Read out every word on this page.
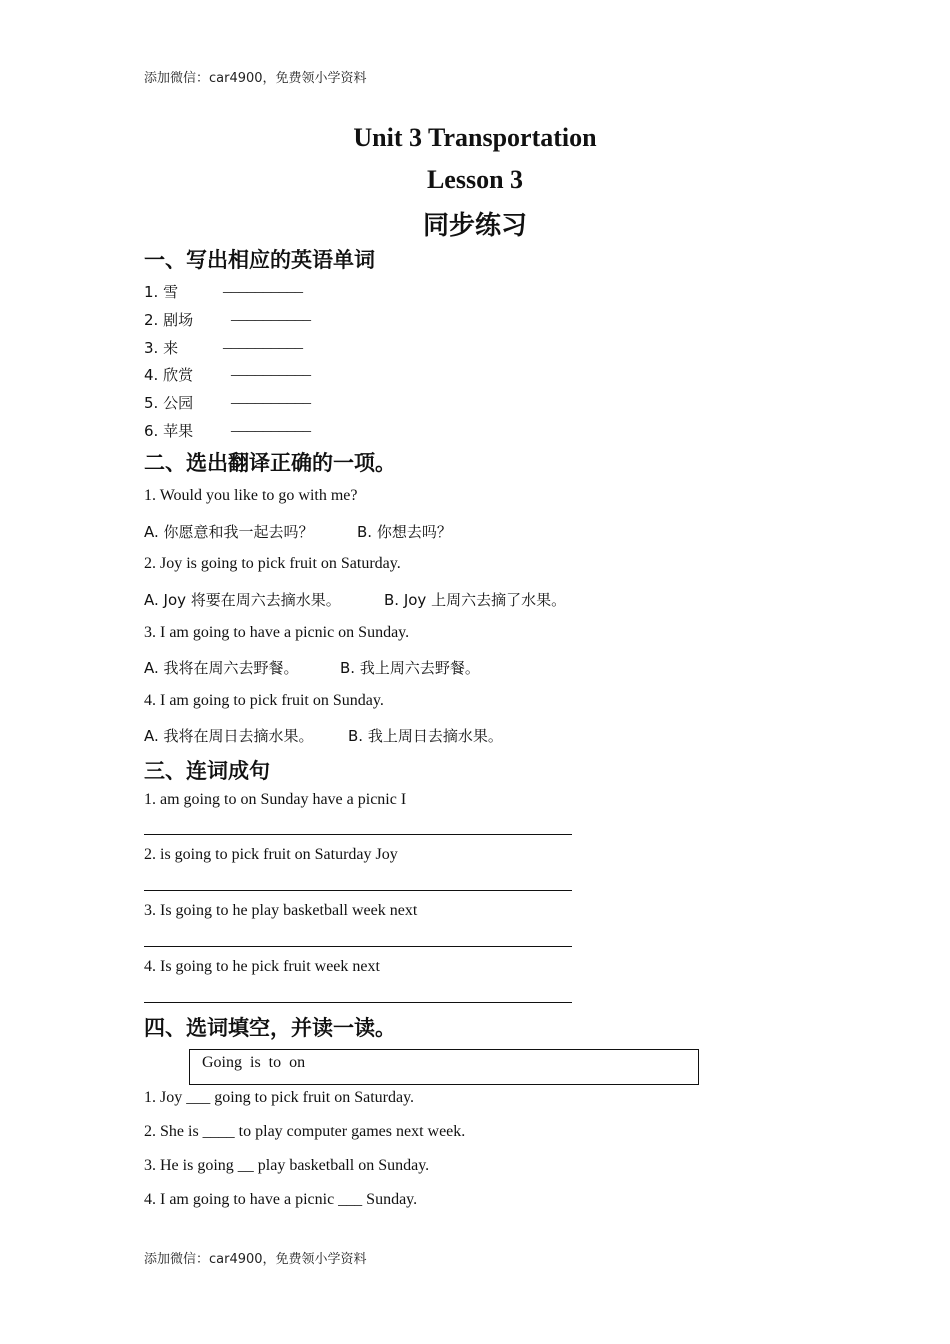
添加微信：car4900，免费领小学资料
Unit 3 Transportation
Lesson 3
同步练习
一、写出相应的英语单词
1. 雪	__________
2. 剧场 __________
3. 来	__________
4. 欣赏 __________
5. 公园 __________
6. 苹果 __________
二、选出翻译正确的一项。
1. Would you like to go with me?
A. 你愿意和我一起去吗？	B. 你想去吗？
2. Joy is going to pick fruit on Saturday.
A. Joy 将要在周六去摘水果。	B. Joy 上周六去摘了水果。
3. I am going to have a picnic on Sunday.
A. 我将在周六去野餐。	B. 我上周六去野餐。
4. I am going to pick fruit on Sunday.
A. 我将在周日去摘水果。 B. 我上周日去摘水果。
三、连词成句
1. am going to on Sunday have a picnic I
2. is going to pick fruit on Saturday Joy
3. Is going to he play basketball week next
4. Is going to he pick fruit week next
四、选词填空，并读一读。
Going is to on
1. Joy ___ going to pick fruit on Saturday.
2. She is ____ to play computer games next week.
3. He is going __ play basketball on Sunday.
4. I am going to have a picnic ___ Sunday.
添加微信：car4900，免费领小学资料
